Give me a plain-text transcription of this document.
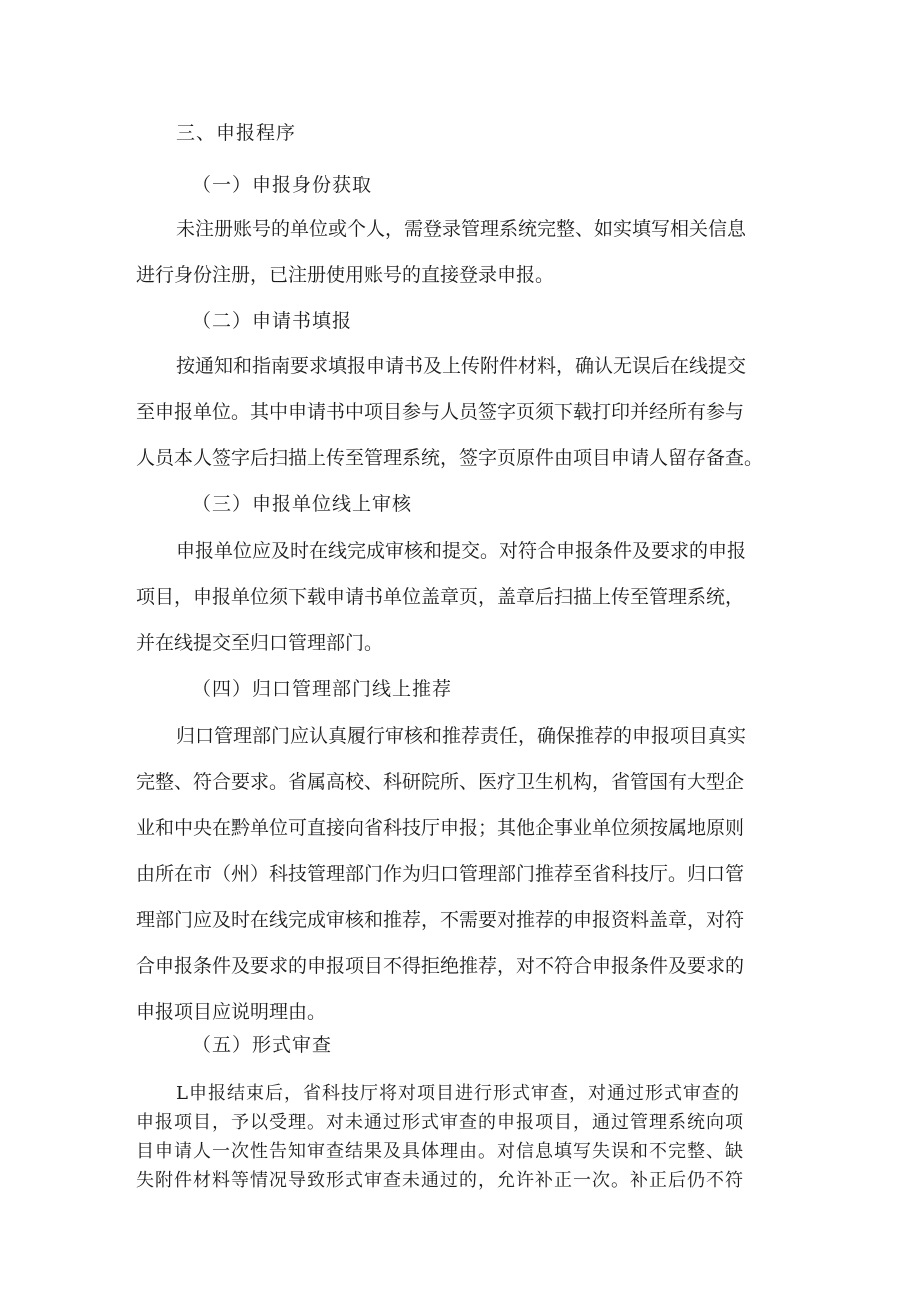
三、申报程序
（一）申报身份获取
未注册账号的单位或个人，需登录管理系统完整、如实填写相关信息
进行身份注册，已注册使用账号的直接登录申报。
（二）申请书填报
按通知和指南要求填报申请书及上传附件材料，确认无误后在线提交
至申报单位。其中申请书中项目参与人员签字页须下载打印并经所有参与
人员本人签字后扫描上传至管理系统，签字页原件由项目申请人留存备查。
（三）申报单位线上审核
申报单位应及时在线完成审核和提交。对符合申报条件及要求的申报
项目，申报单位须下载申请书单位盖章页，盖章后扫描上传至管理系统，
并在线提交至归口管理部门。
（四）归口管理部门线上推荐
归口管理部门应认真履行审核和推荐责任，确保推荐的申报项目真实
完整、符合要求。省属高校、科研院所、医疗卫生机构，省管国有大型企
业和中央在黔单位可直接向省科技厅申报；其他企事业单位须按属地原则
由所在市（州）科技管理部门作为归口管理部门推荐至省科技厅。归口管
理部门应及时在线完成审核和推荐，不需要对推荐的申报资料盖章，对符
合申报条件及要求的申报项目不得拒绝推荐，对不符合申报条件及要求的
申报项目应说明理由。
（五）形式审查
L申报结束后，省科技厅将对项目进行形式审查，对通过形式审查的
申报项目，予以受理。对未通过形式审查的申报项目，通过管理系统向项
目申请人一次性告知审查结果及具体理由。对信息填写失误和不完整、缺
失附件材料等情况导致形式审查未通过的，允许补正一次。补正后仍不符
